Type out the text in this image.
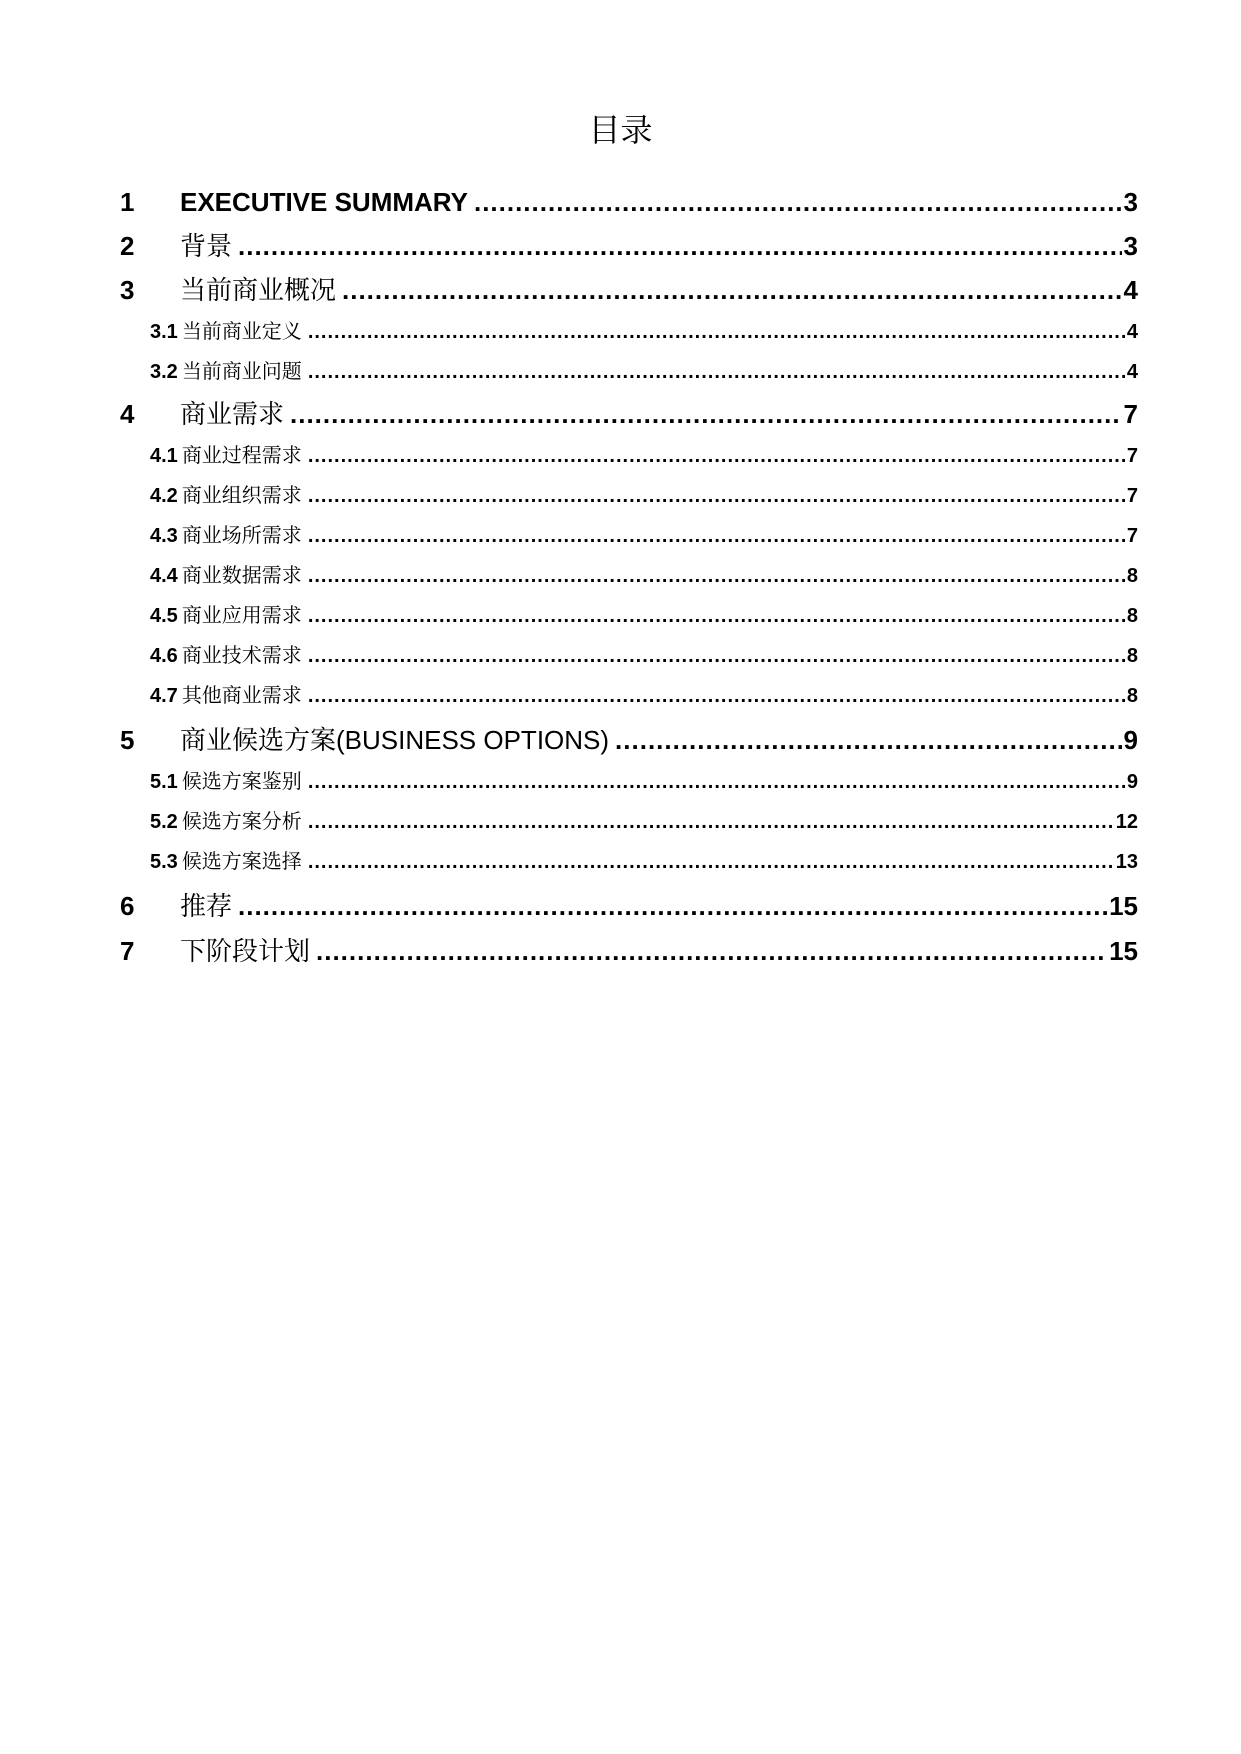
目录
1	EXECUTIVE SUMMARY .....	3
2	背景 .....	3
3	当前商业概况 .....	4
3.1 当前商业定义 .....	4
3.2 当前商业问题 .....	4
4	商业需求 .....	7
4.1 商业过程需求 .....	7
4.2 商业组织需求 .....	7
4.3 商业场所需求 .....	7
4.4 商业数据需求 .....	8
4.5 商业应用需求 .....	8
4.6 商业技术需求 .....	8
4.7 其他商业需求 .....	8
5	商业候选方案(BUSINESS OPTIONS) .....	9
5.1 候选方案鉴别 .....	9
5.2 候选方案分析 .....	12
5.3 候选方案选择 .....	13
6	推荐 .....	15
7	下阶段计划 .....	15
